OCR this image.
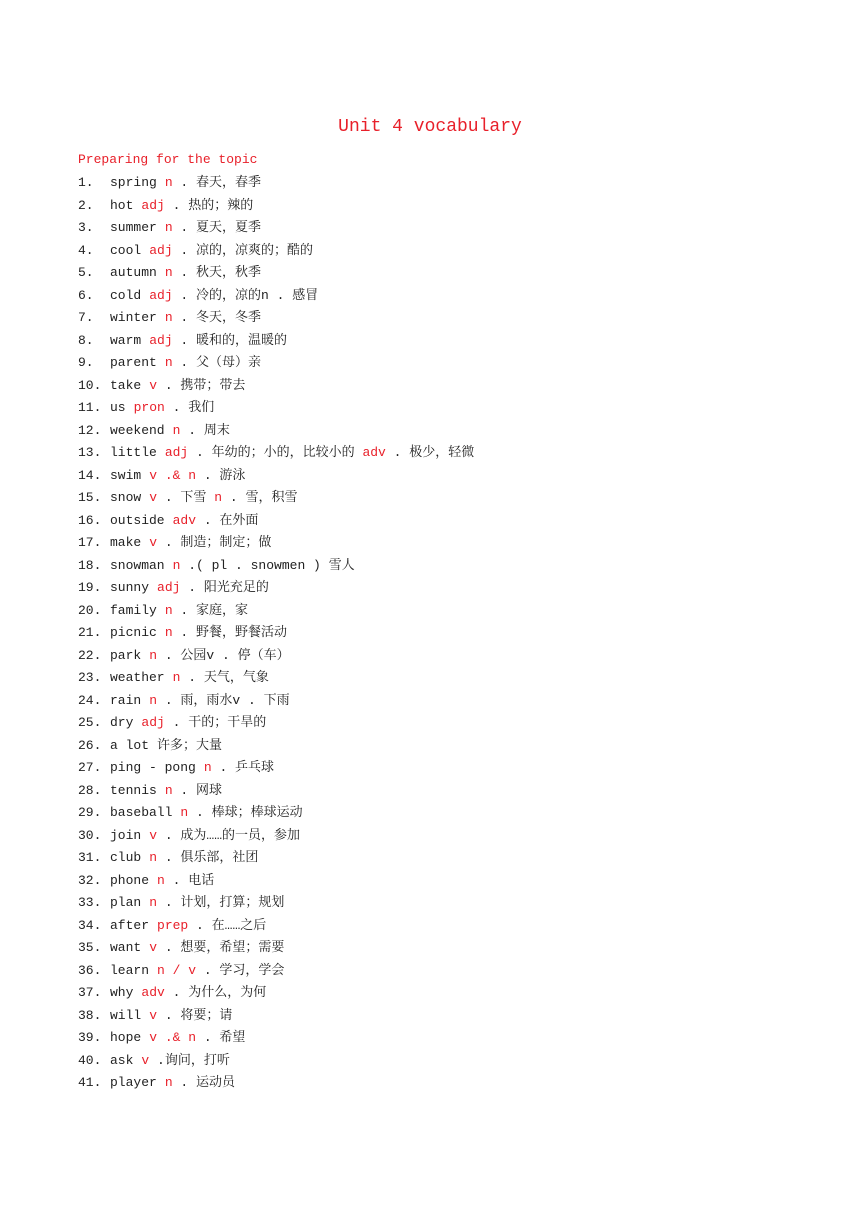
Unit 4 vocabulary
Preparing for the topic
1. spring n . 春天，春季
2. hot adj . 热的；辣的
3. summer n . 夏天，夏季
4. cool adj . 凉的，凉爽的；酷的
5. autumn n . 秋天，秋季
6. cold adj . 冷的，凉的n . 感冒
7. winter n . 冬天，冬季
8. warm adj . 暖和的，温暖的
9. parent n . 父（母）亲
10. take v . 携带；带去
11. us pron . 我们
12. weekend n . 周末
13. little adj . 年幼的；小的，比较小的 adv . 极少，轻微
14. swim v .& n . 游泳
15. snow v . 下雪 n . 雪，积雪
16. outside adv . 在外面
17. make v . 制造；制定；做
18. snowman n .( pl . snowmen ) 雪人
19. sunny adj . 阳光充足的
20. family n . 家庭，家
21. picnic n . 野餐，野餐活动
22. park n . 公园v . 停（车）
23. weather n . 天气，气象
24. rain n . 雨，雨水v . 下雨
25. dry adj . 干的；干旱的
26. a lot 许多；大量
27. ping - pong n . 乒乓球
28. tennis n . 网球
29. baseball n . 棒球；棒球运动
30. join v . 成为……的一员，参加
31. club n . 俱乐部，社团
32. phone n . 电话
33. plan n . 计划，打算；规划
34. after prep . 在……之后
35. want v . 想要，希望；需要
36. learn n / v . 学习，学会
37. why adv . 为什么，为何
38. will v . 将要；请
39. hope v .& n . 希望
40. ask v .询问，打听
41. player n . 运动员
